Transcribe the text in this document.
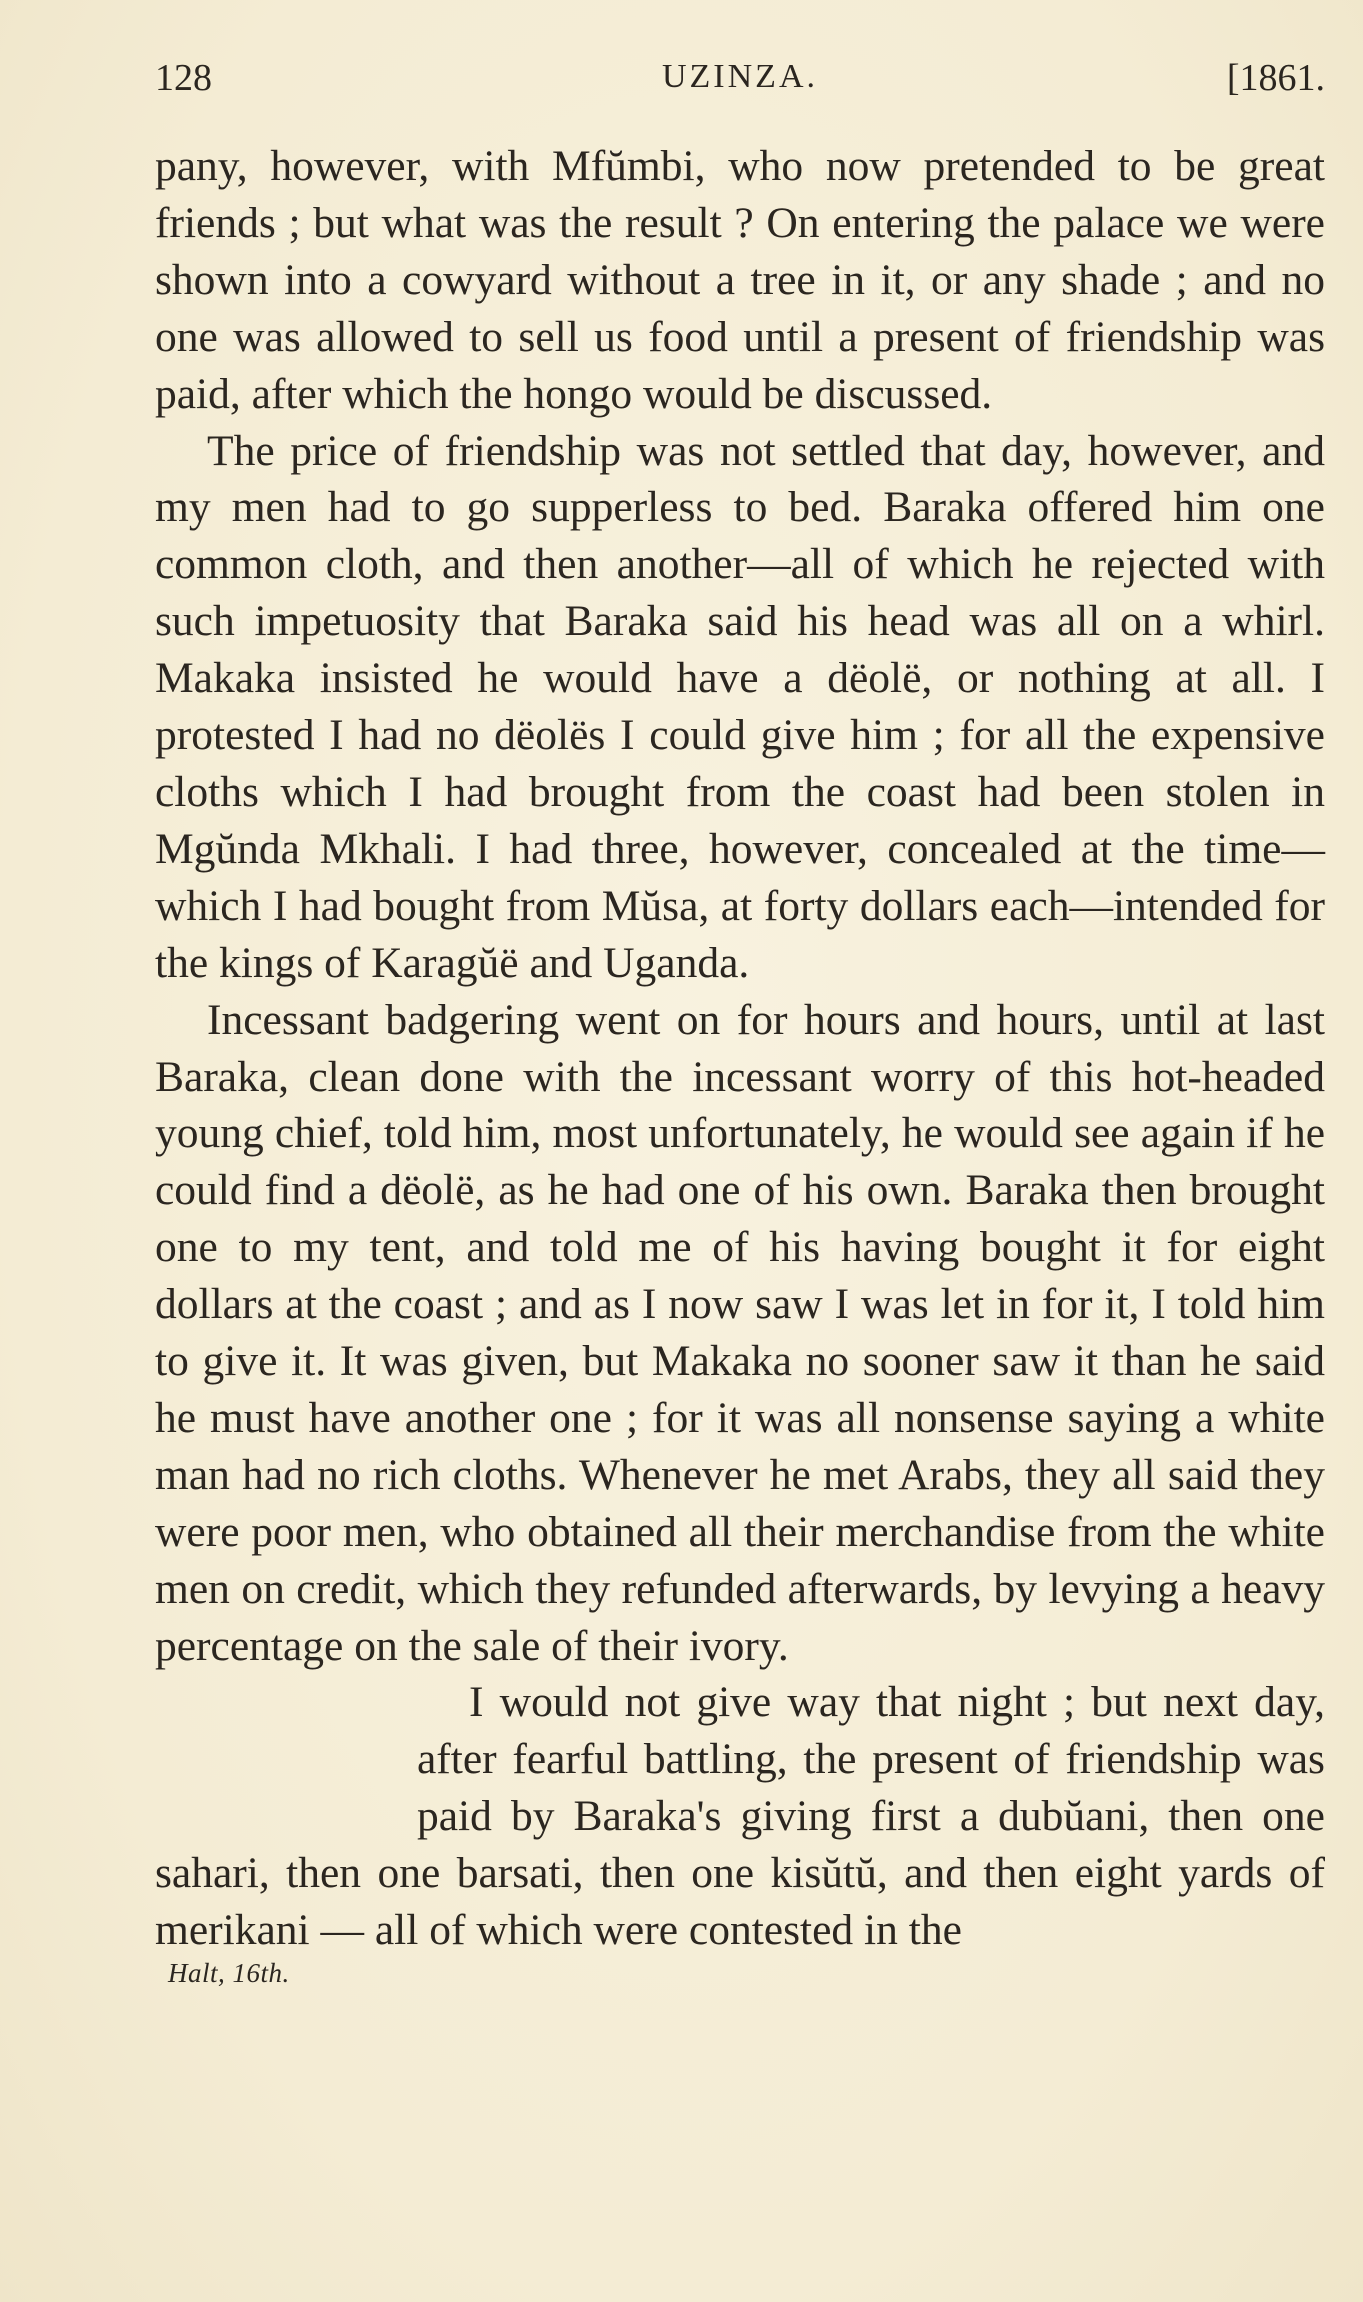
128	UZINZA.	[1861.

pany, however, with Mfŭmbi, who now pretended to be great friends ; but what was the result ? On entering the palace we were shown into a cowyard without a tree in it, or any shade ; and no one was allowed to sell us food until a present of friendship was paid, after which the hongo would be discussed.

The price of friendship was not settled that day, however, and my men had to go supperless to bed. Baraka offered him one common cloth, and then another—all of which he rejected with such impetuosity that Baraka said his head was all on a whirl. Makaka insisted he would have a dëolë, or nothing at all. I protested I had no dëolës I could give him ; for all the expensive cloths which I had brought from the coast had been stolen in Mgŭnda Mkhali. I had three, however, concealed at the time—which I had bought from Mŭsa, at forty dollars each—intended for the kings of Karagŭë and Uganda.

Incessant badgering went on for hours and hours, until at last Baraka, clean done with the incessant worry of this hot-headed young chief, told him, most unfortunately, he would see again if he could find a dëolë, as he had one of his own. Baraka then brought one to my tent, and told me of his having bought it for eight dollars at the coast ; and as I now saw I was let in for it, I told him to give it. It was given, but Makaka no sooner saw it than he said he must have another one ; for it was all nonsense saying a white man had no rich cloths. Whenever he met Arabs, they all said they were poor men, who obtained all their merchandise from the white men on credit, which they refunded afterwards, by levying a heavy percentage on the sale of their ivory.

I would not give way that night ; but next day, after fearful battling, the present of friendship was paid by Baraka's giving first a dubŭani, then one sahari, then one barsati, then one kisŭtŭ, and then eight yards of merikani — all of which were contested in the

Halt, 16th.
